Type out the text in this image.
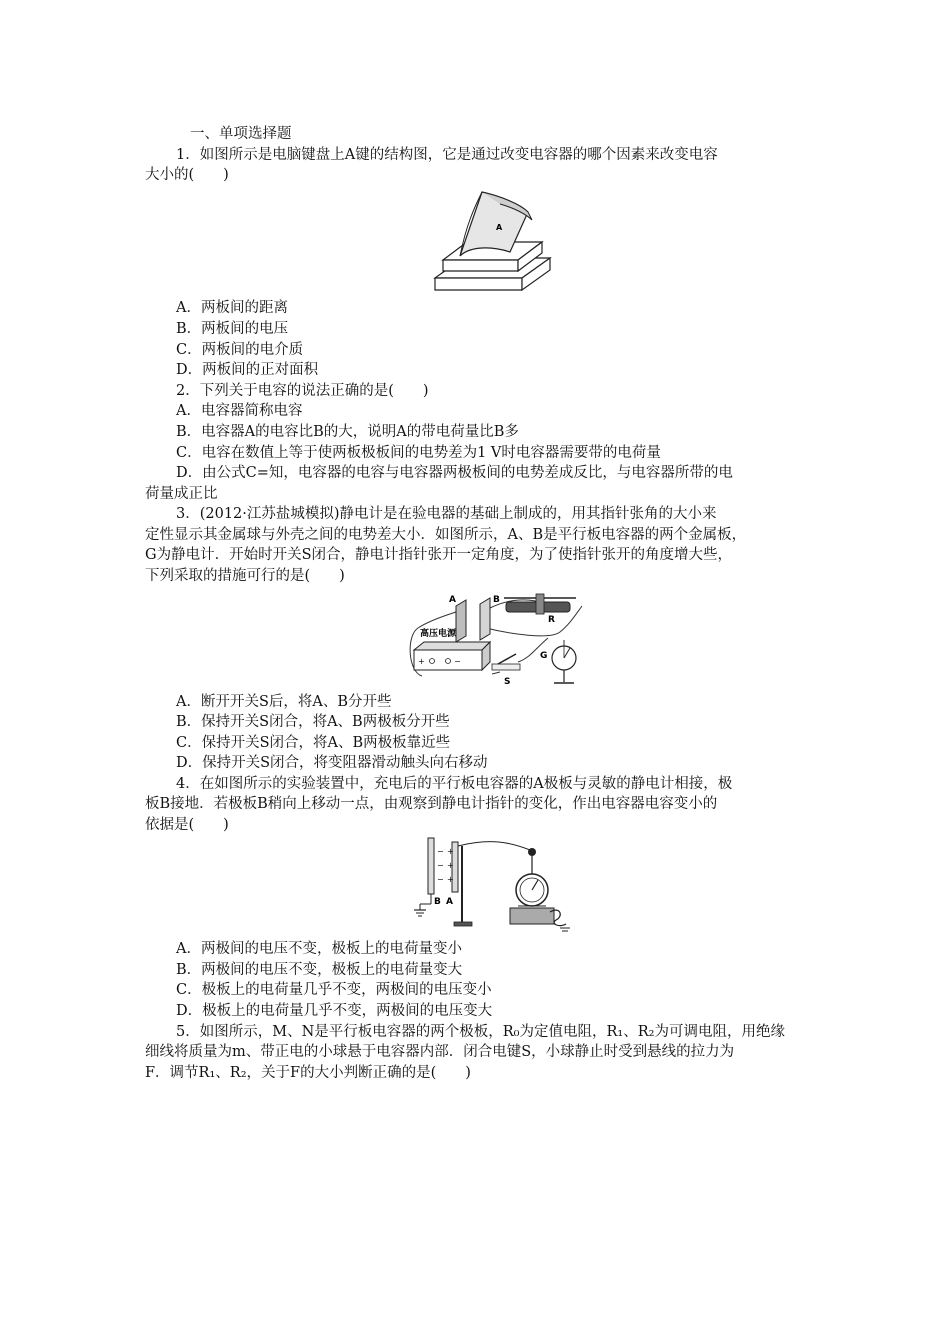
一、单项选择题
1．如图所示是电脑键盘上A键的结构图，它是通过改变电容器的哪个因素来改变电容
大小的(　　)
A
A．两板间的距离
B．两板间的电压
C．两板间的电介质
D．两板间的正对面积
2．下列关于电容的说法正确的是(　　)
A．电容器简称电容
B．电容器A的电容比B的大，说明A的带电荷量比B多
C．电容在数值上等于使两板极板间的电势差为1 V时电容器需要带的电荷量
D．由公式C=知，电容器的电容与电容器两极板间的电势差成反比，与电容器所带的电
荷量成正比
3．(2012·江苏盐城模拟)静电计是在验电器的基础上制成的，用其指针张角的大小来
定性显示其金属球与外壳之间的电势差大小．如图所示，A、B是平行板电容器的两个金属板，
G为静电计．开始时开关S闭合，静电计指针张开一定角度，为了使指针张开的角度增大些，
下列采取的措施可行的是(　　)
A	B
R
高压电源
+	−
S
G
A．断开开关S后，将A、B分开些
B．保持开关S闭合，将A、B两极板分开些
C．保持开关S闭合，将A、B两极板靠近些
D．保持开关S闭合，将变阻器滑动触头向右移动
4．在如图所示的实验装置中，充电后的平行板电容器的A极板与灵敏的静电计相接，极
板B接地．若极板B稍向上移动一点，由观察到静电计指针的变化，作出电容器电容变小的
依据是(　　)
B
−
−
−
+
+
+
A
A．两极间的电压不变，极板上的电荷量变小
B．两极间的电压不变，极板上的电荷量变大
C．极板上的电荷量几乎不变，两极间的电压变小
D．极板上的电荷量几乎不变，两极间的电压变大
5．如图所示，M、N是平行板电容器的两个极板，R₀为定值电阻，R₁、R₂为可调电阻，用绝缘
细线将质量为m、带正电的小球悬于电容器内部．闭合电键S，小球静止时受到悬线的拉力为
F．调节R₁、R₂，关于F的大小判断正确的是(　　)
